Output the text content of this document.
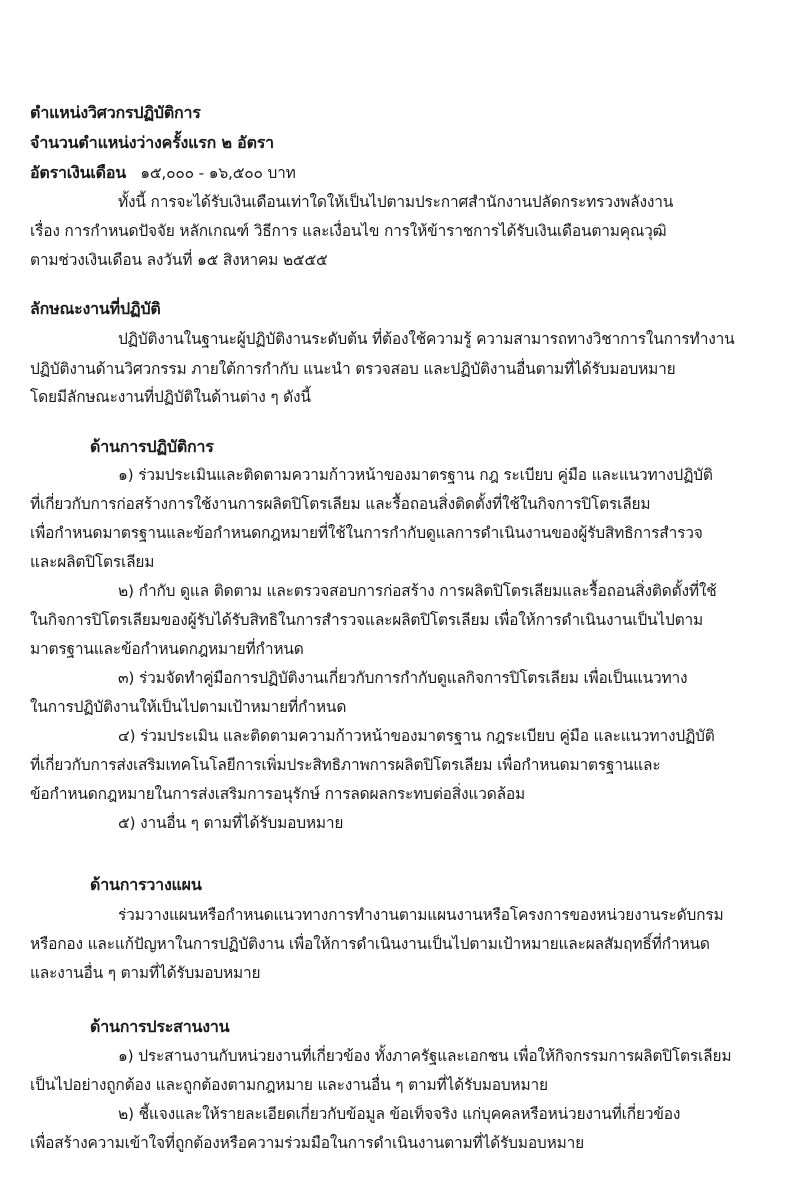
ตำแหน่งวิศวกรปฏิบัติการ
จำนวนตำแหน่งว่างครั้งแรก ๒ อัตรา
อัตราเงินเดือน ๑๕,๐๐๐ - ๑๖,๕๐๐ บาท
ทั้งนี้ การจะได้รับเงินเดือนเท่าใดให้เป็นไปตามประกาศสำนักงานปลัดกระทรวงพลังงาน
เรื่อง การกำหนดปัจจัย หลักเกณฑ์ วิธีการ และเงื่อนไข การให้ข้าราชการได้รับเงินเดือนตามคุณวุฒิ
ตามช่วงเงินเดือน ลงวันที่ ๑๕ สิงหาคม ๒๕๕๕
ลักษณะงานที่ปฏิบัติ
ปฏิบัติงานในฐานะผู้ปฏิบัติงานระดับต้น ที่ต้องใช้ความรู้ ความสามารถทางวิชาการในการทำงาน
ปฏิบัติงานด้านวิศวกรรม ภายใต้การกำกับ แนะนำ ตรวจสอบ และปฏิบัติงานอื่นตามที่ได้รับมอบหมาย
โดยมีลักษณะงานที่ปฏิบัติในด้านต่าง ๆ ดังนี้
ด้านการปฏิบัติการ
๑) ร่วมประเมินและติดตามความก้าวหน้าของมาตรฐาน กฎ ระเบียบ คู่มือ และแนวทางปฏิบัติ
ที่เกี่ยวกับการก่อสร้างการใช้งานการผลิตปิโตรเลียม และรื้อถอนสิ่งติดตั้งที่ใช้ในกิจการปิโตรเลียม
เพื่อกำหนดมาตรฐานและข้อกำหนดกฎหมายที่ใช้ในการกำกับดูแลการดำเนินงานของผู้รับสิทธิการสำรวจ
และผลิตปิโตรเลียม
๒) กำกับ ดูแล ติดตาม และตรวจสอบการก่อสร้าง การผลิตปิโตรเลียมและรื้อถอนสิ่งติดตั้งที่ใช้
ในกิจการปิโตรเลียมของผู้รับได้รับสิทธิในการสำรวจและผลิตปิโตรเลียม เพื่อให้การดำเนินงานเป็นไปตาม
มาตรฐานและข้อกำหนดกฎหมายที่กำหนด
๓) ร่วมจัดทำคู่มือการปฏิบัติงานเกี่ยวกับการกำกับดูแลกิจการปิโตรเลียม เพื่อเป็นแนวทาง
ในการปฏิบัติงานให้เป็นไปตามเป้าหมายที่กำหนด
๔) ร่วมประเมิน และติดตามความก้าวหน้าของมาตรฐาน กฎระเบียบ คู่มือ และแนวทางปฏิบัติ
ที่เกี่ยวกับการส่งเสริมเทคโนโลยีการเพิ่มประสิทธิภาพการผลิตปิโตรเลียม เพื่อกำหนดมาตรฐานและ
ข้อกำหนดกฎหมายในการส่งเสริมการอนุรักษ์ การลดผลกระทบต่อสิ่งแวดล้อม
๕) งานอื่น ๆ ตามที่ได้รับมอบหมาย
ด้านการวางแผน
ร่วมวางแผนหรือกำหนดแนวทางการทำงานตามแผนงานหรือโครงการของหน่วยงานระดับกรม
หรือกอง และแก้ปัญหาในการปฏิบัติงาน เพื่อให้การดำเนินงานเป็นไปตามเป้าหมายและผลสัมฤทธิ์ที่กำหนด
และงานอื่น ๆ ตามที่ได้รับมอบหมาย
ด้านการประสานงาน
๑) ประสานงานกับหน่วยงานที่เกี่ยวข้อง ทั้งภาครัฐและเอกชน เพื่อให้กิจกรรมการผลิตปิโตรเลียม
เป็นไปอย่างถูกต้อง และถูกต้องตามกฎหมาย และงานอื่น ๆ ตามที่ได้รับมอบหมาย
๒) ชี้แจงและให้รายละเอียดเกี่ยวกับข้อมูล ข้อเท็จจริง แก่บุคคลหรือหน่วยงานที่เกี่ยวข้อง
เพื่อสร้างความเข้าใจที่ถูกต้องหรือความร่วมมือในการดำเนินงานตามที่ได้รับมอบหมาย
